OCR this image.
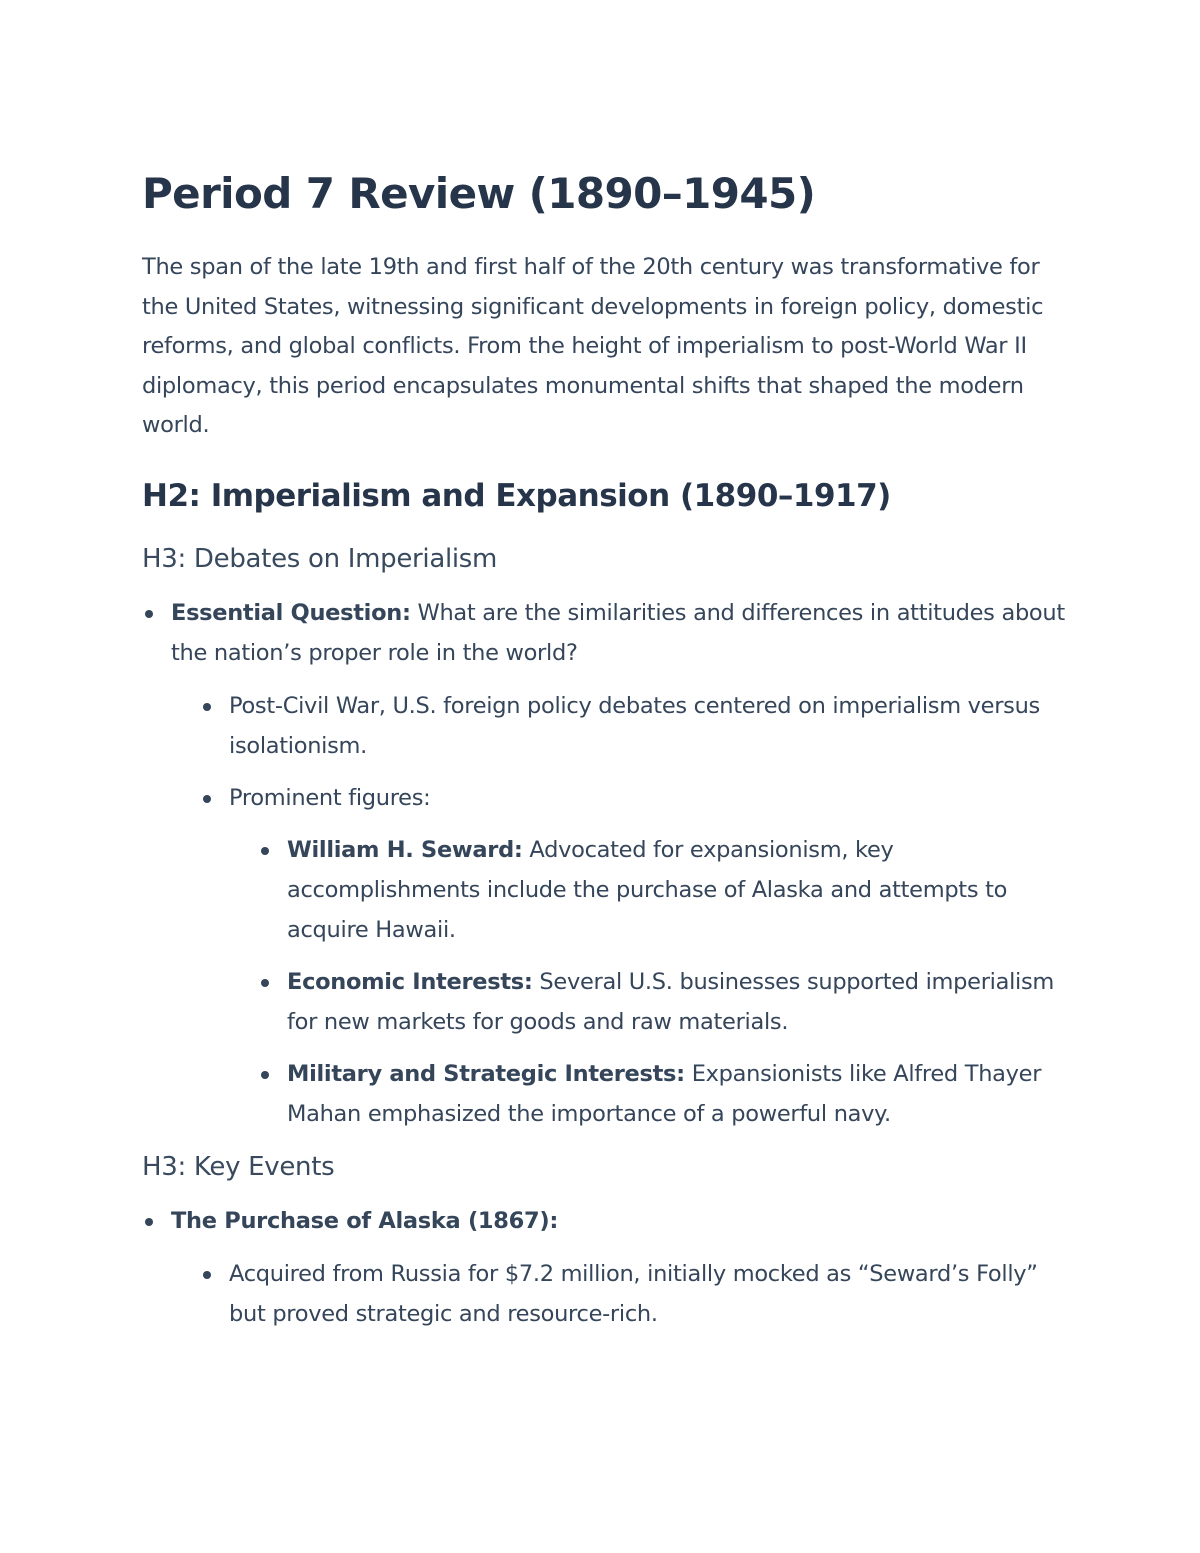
Period 7 Review (1890–1945)

The span of the late 19th and first half of the 20th century was transformative for the United States, witnessing significant developments in foreign policy, domestic reforms, and global conflicts. From the height of imperialism to post-World War II diplomacy, this period encapsulates monumental shifts that shaped the modern world.

H2: Imperialism and Expansion (1890–1917)
H3: Debates on Imperialism
Essential Question: What are the similarities and differences in attitudes about the nation’s proper role in the world?
Post-Civil War, U.S. foreign policy debates centered on imperialism versus isolationism.
Prominent figures:
William H. Seward: Advocated for expansionism, key accomplishments include the purchase of Alaska and attempts to acquire Hawaii.
Economic Interests: Several U.S. businesses supported imperialism for new markets for goods and raw materials.
Military and Strategic Interests: Expansionists like Alfred Thayer Mahan emphasized the importance of a powerful navy.
H3: Key Events
The Purchase of Alaska (1867):
Acquired from Russia for $7.2 million, initially mocked as “Seward’s Folly” but proved strategic and resource-rich.
